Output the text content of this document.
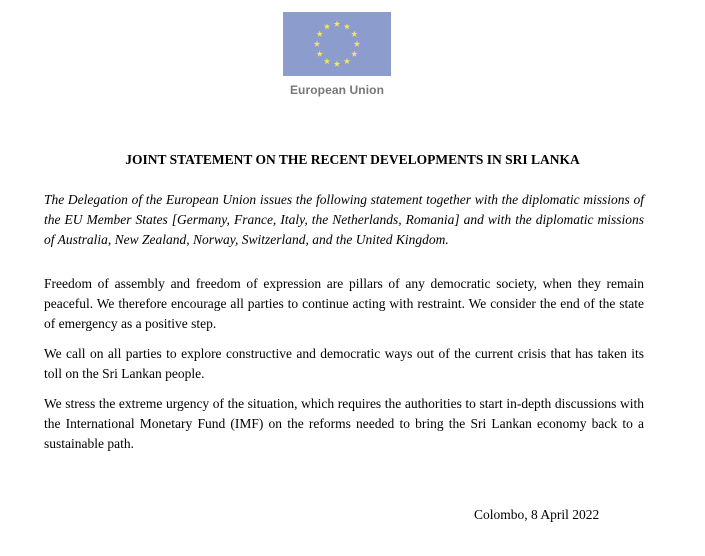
European Union
JOINT STATEMENT ON THE RECENT DEVELOPMENTS IN SRI LANKA

The Delegation of the European Union issues the following statement together with the diplomatic missions of the EU Member States [Germany, France, Italy, the Netherlands, Romania] and with the diplomatic missions of Australia, New Zealand, Norway, Switzerland, and the United Kingdom.

Freedom of assembly and freedom of expression are pillars of any democratic society, when they remain peaceful. We therefore encourage all parties to continue acting with restraint. We consider the end of the state of emergency as a positive step.

We call on all parties to explore constructive and democratic ways out of the current crisis that has taken its toll on the Sri Lankan people.

We stress the extreme urgency of the situation, which requires the authorities to start in-depth discussions with the International Monetary Fund (IMF) on the reforms needed to bring the Sri Lankan economy back to a sustainable path.

Colombo, 8 April 2022
